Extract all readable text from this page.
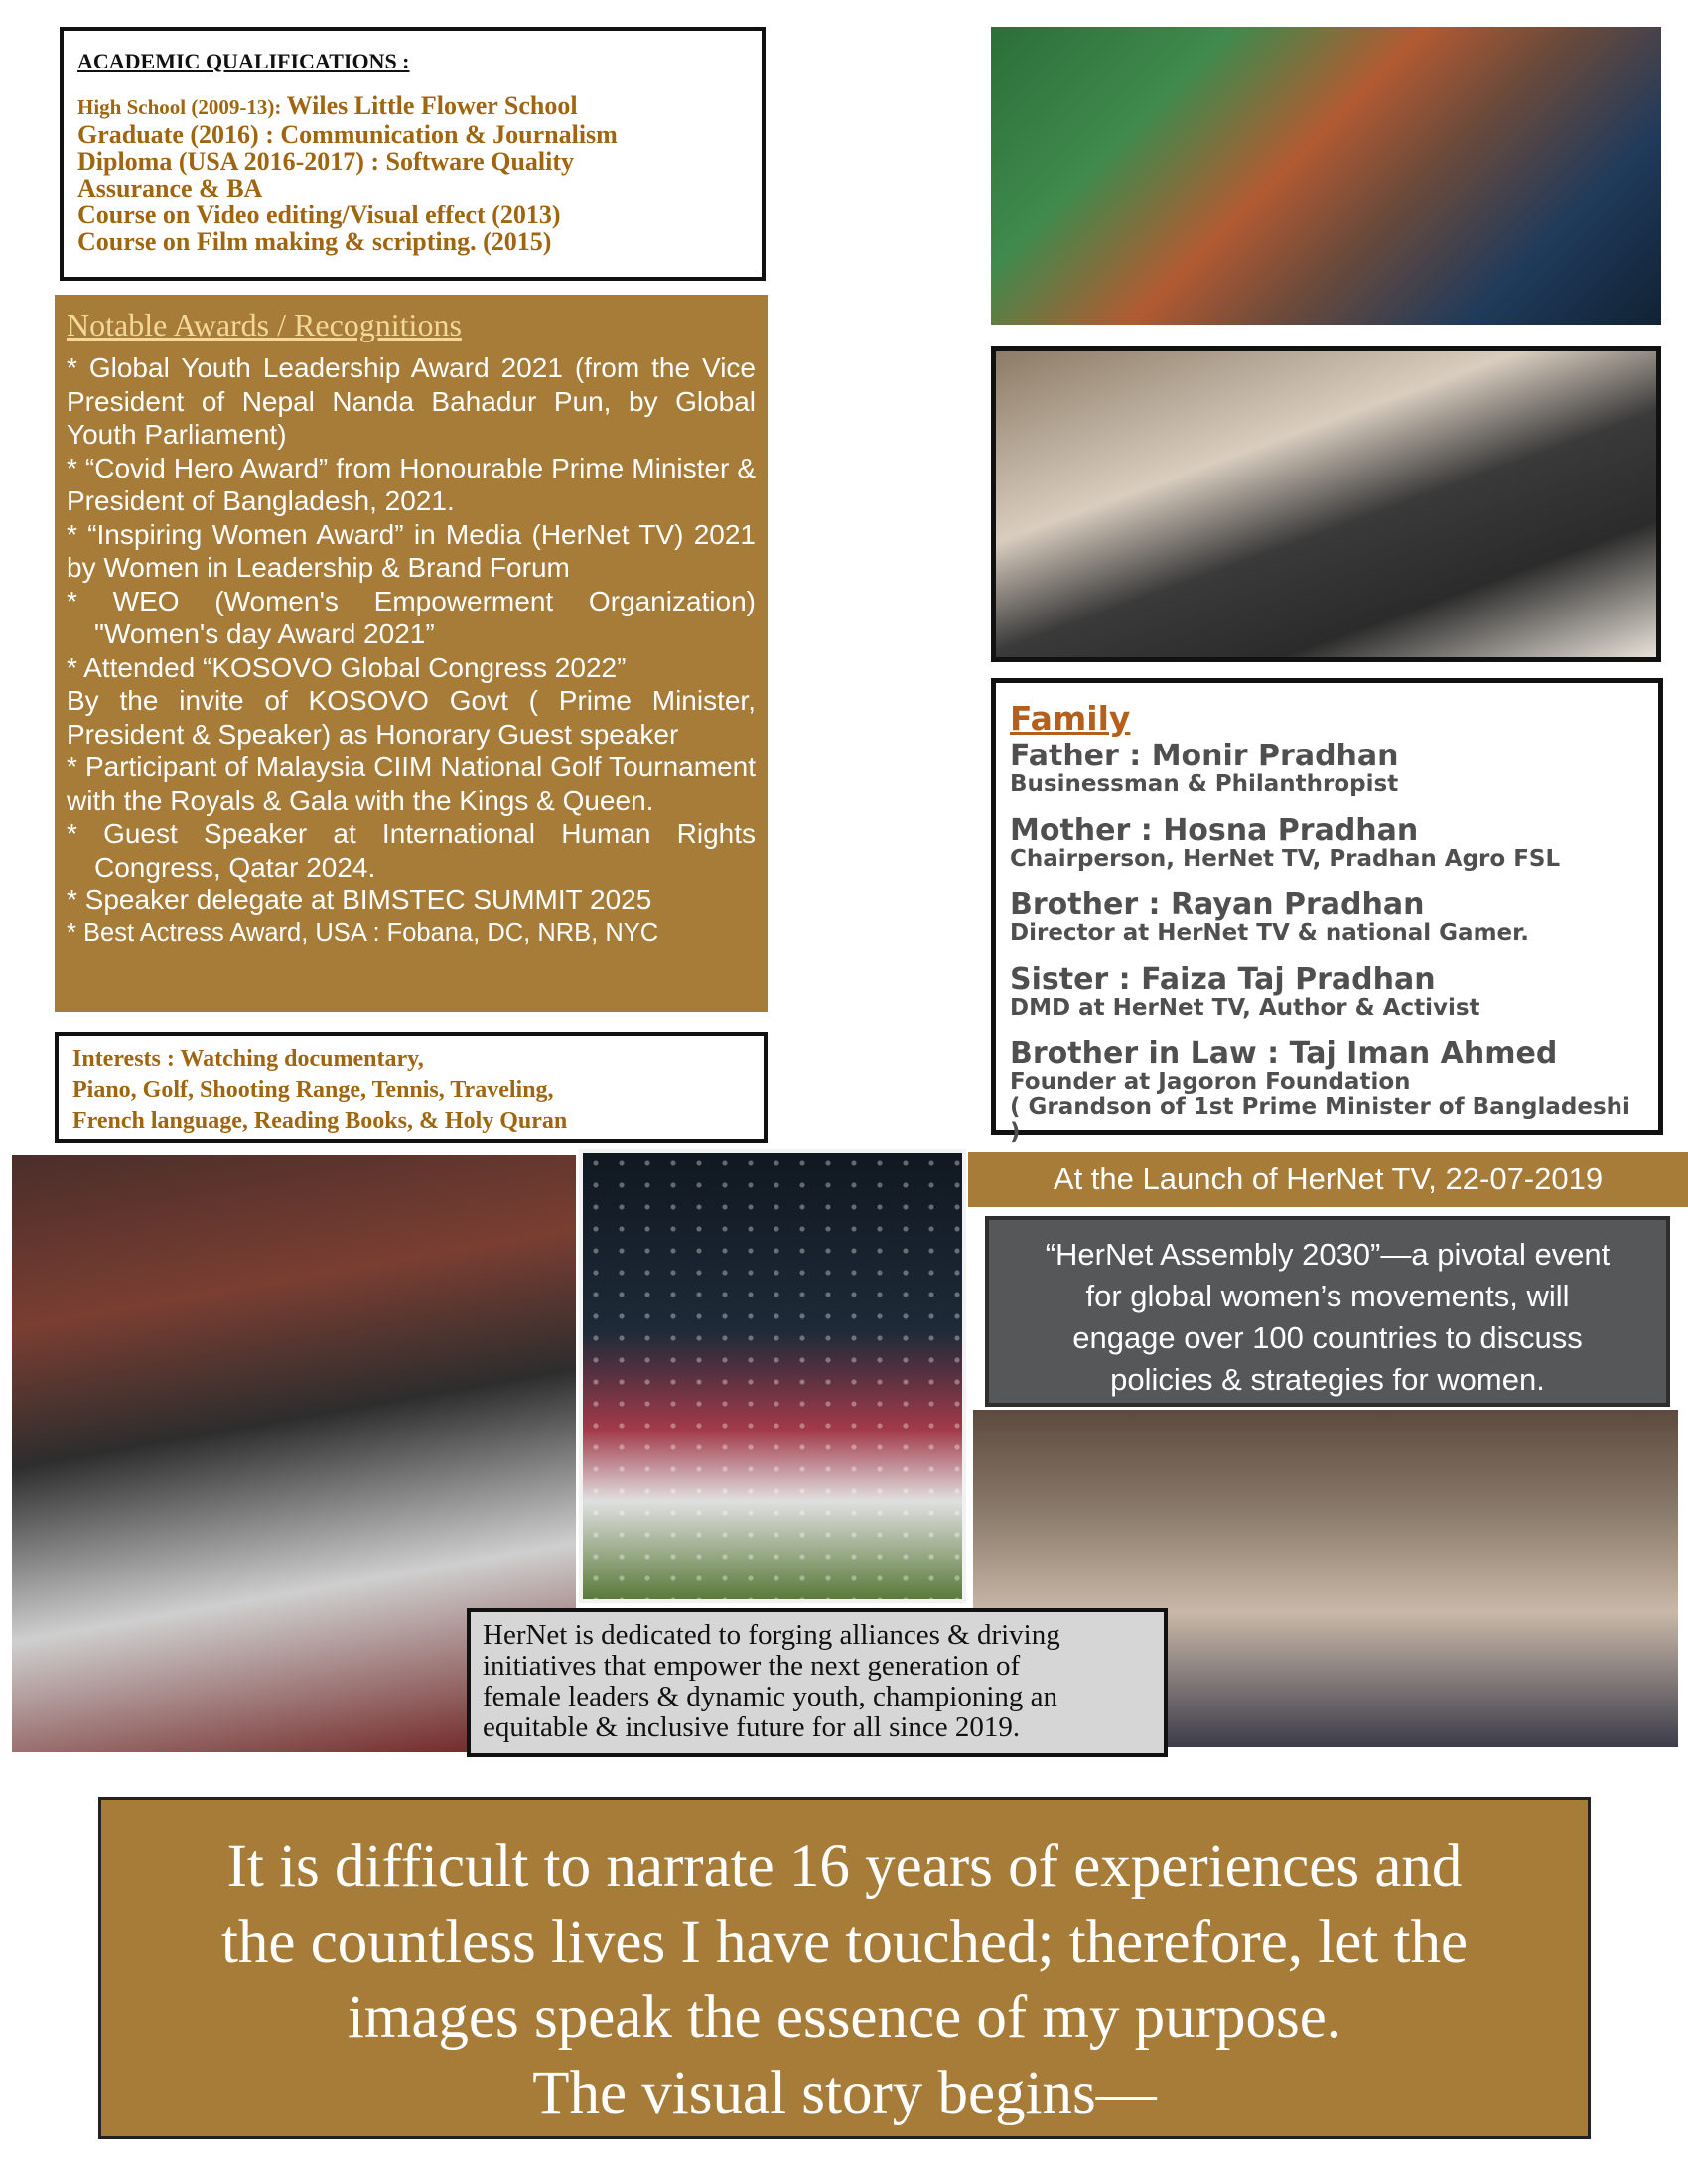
ACADEMIC QUALIFICATIONS :
High School (2009-13): Wiles Little Flower School
Graduate (2016) : Communication & Journalism
Diploma (USA 2016-2017) : Software Quality
Assurance & BA
Course on Video editing/Visual effect (2013)
Course on Film making & scripting. (2015)
Notable Awards / Recognitions
* Global Youth Leadership Award 2021 (from the Vice President of Nepal Nanda Bahadur Pun, by Global Youth Parliament)
* “Covid Hero Award” from Honourable Prime Minister & President of Bangladesh, 2021.
* “Inspiring Women Award” in Media (HerNet TV) 2021 by Women in Leadership & Brand Forum
* WEO (Women's Empowerment Organization) "Women's day Award 2021”
* Attended “KOSOVO Global Congress 2022”
By the invite of KOSOVO Govt ( Prime Minister, President & Speaker) as Honorary Guest speaker
* Participant of Malaysia CIIM National Golf Tournament with the Royals & Gala with the Kings & Queen.
* Guest Speaker at International Human Rights Congress, Qatar 2024.
* Speaker delegate at BIMSTEC SUMMIT 2025
* Best Actress Award, USA : Fobana, DC, NRB, NYC
Interests : Watching documentary,
Piano, Golf, Shooting Range, Tennis, Traveling,
French language, Reading Books, & Holy Quran
Family
Father : Monir Pradhan
Businessman & Philanthropist
Mother : Hosna Pradhan
Chairperson, HerNet TV, Pradhan Agro FSL
Brother : Rayan Pradhan
Director at HerNet TV & national Gamer.
Sister : Faiza Taj Pradhan
DMD at HerNet TV, Author & Activist
Brother in Law : Taj Iman Ahmed
Founder at Jagoron Foundation
( Grandson of 1st Prime Minister of Bangladeshi )
At the Launch of HerNet TV, 22-07-2019
“HerNet Assembly 2030”—a pivotal event
for global women’s movements, will
engage over 100 countries to discuss
policies & strategies for women.
HerNet is dedicated to forging alliances & driving
initiatives that empower the next generation of
female leaders & dynamic youth, championing an
equitable & inclusive future for all since 2019.
It is difficult to narrate 16 years of experiences and
the countless lives I have touched; therefore, let the
images speak the essence of my purpose.
The visual story begins—
